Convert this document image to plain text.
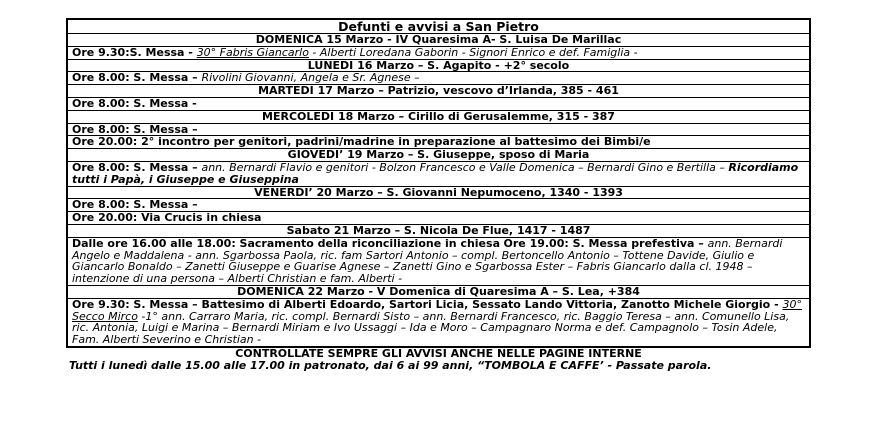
Defunti e avvisi a San Pietro
DOMENICA 15 Marzo - IV Quaresima A- S. Luisa De Marillac
Ore 9.30:S. Messa - 30° Fabris Giancarlo - Alberti Loredana Gaborin - Signori Enrico e def. Famiglia -
LUNEDI 16 Marzo – S. Agapito - +2° secolo
Ore 8.00: S. Messa – Rivolini Giovanni, Angela e Sr. Agnese –
MARTEDI 17 Marzo – Patrizio, vescovo d’Irlanda, 385 - 461
Ore 8.00: S. Messa -
MERCOLEDI 18 Marzo – Cirillo di Gerusalemme, 315 - 387
Ore 8.00: S. Messa –
Ore 20.00: 2° incontro per genitori, padrini/madrine in preparazione al battesimo dei Bimbi/e
GIOVEDI’ 19 Marzo – S. Giuseppe, sposo di Maria
Ore 8.00: S. Messa – ann. Bernardi Flavio e genitori - Bolzon Francesco e Valle Domenica – Bernardi Gino e Bertilla – Ricordiamo tutti i Papà, i Giuseppe e Giuseppina
VENERDI’ 20 Marzo – S. Giovanni Nepumoceno, 1340 - 1393
Ore 8.00: S. Messa –
Ore 20.00: Via Crucis in chiesa
Sabato 21 Marzo – S. Nicola De Flue, 1417 - 1487
Dalle ore 16.00 alle 18.00: Sacramento della riconciliazione in chiesa Ore 19.00: S. Messa prefestiva – ann. Bernardi Angelo e Maddalena - ann. Sgarbossa Paola, ric. fam Sartori Antonio – compl. Bertoncello Antonio – Tottene Davide, Giulio e Giancarlo Bonaldo – Zanetti Giuseppe e Guarise Agnese – Zanetti Gino e Sgarbossa Ester – Fabris Giancarlo dalla cl. 1948 – intenzione di una persona – Alberti Christian e fam. Alberti -
DOMENICA 22 Marzo - V Domenica di Quaresima A – S. Lea, +384
Ore 9.30: S. Messa – Battesimo di Alberti Edoardo, Sartori Licia, Sessato Lando Vittoria, Zanotto Michele Giorgio - 30° Secco Mirco -1° ann. Carraro Maria, ric. compl. Bernardi Sisto – ann. Bernardi Francesco, ric. Baggio Teresa – ann. Comunello Lisa, ric. Antonia, Luigi e Marina – Bernardi Miriam e Ivo Ussaggi – Ida e Moro – Campagnaro Norma e def. Campagnolo – Tosin Adele, Fam. Alberti Severino e Christian -
CONTROLLATE SEMPRE GLI AVVISI ANCHE NELLE PAGINE INTERNE
Tutti i lunedì dalle 15.00 alle 17.00 in patronato, dai 6 ai 99 anni, “TOMBOLA E CAFFE’ - Passate parola.
